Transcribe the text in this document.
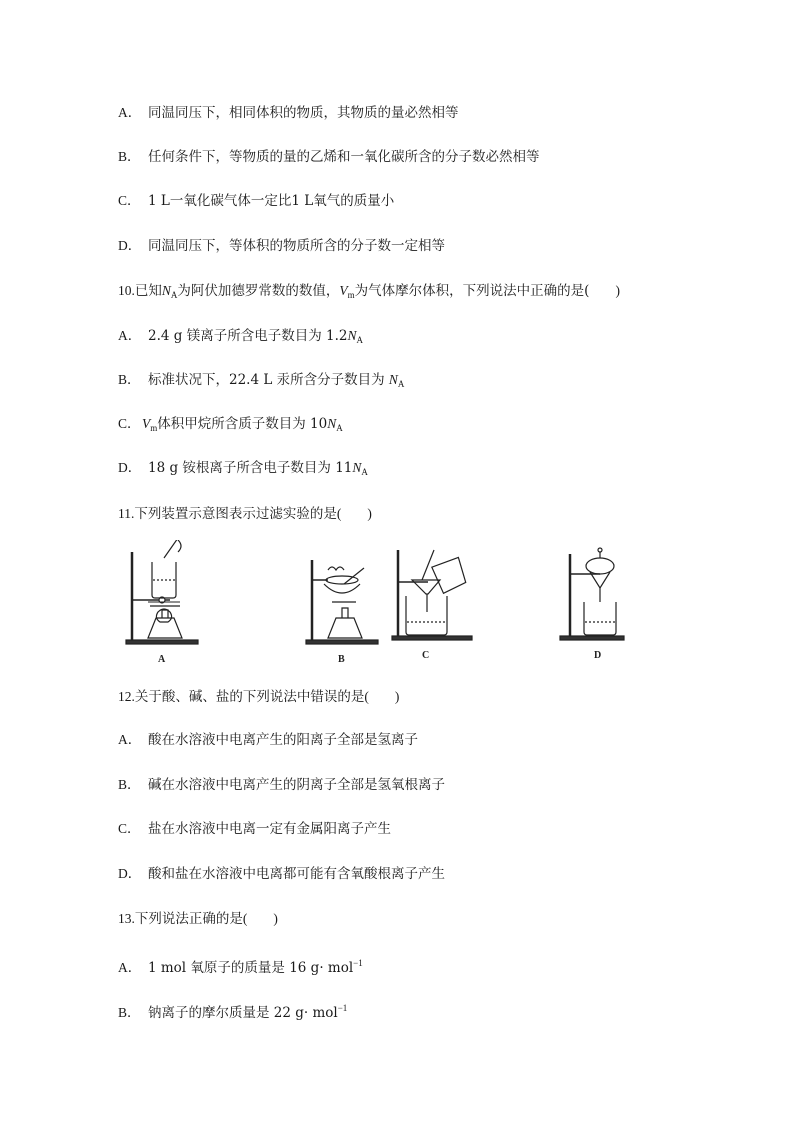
A． 同温同压下，相同体积的物质，其物质的量必然相等
B． 任何条件下，等物质的量的乙烯和一氧化碳所含的分子数必然相等
C． 1 L一氧化碳气体一定比1 L氧气的质量小
D． 同温同压下，等体积的物质所含的分子数一定相等
10.已知$N_A$为阿伏加德罗常数的数值，$V_m$为气体摩尔体积，下列说法中正确的是( )
A． 2.4 g 镁离子所含电子数目为 $1.2N_A$
B． 标准状况下，22.4 L 汞所含分子数目为 $N_A$
C．$V_m$体积甲烷所含质子数目为 $10N_A$
D． 18 g 铵根离子所含电子数目为 $11N_A$
11.下列装置示意图表示过滤实验的是( )
A	B	C	D
12.关于酸、碱、盐的下列说法中错误的是( )
A． 酸在水溶液中电离产生的阳离子全部是氢离子
B． 碱在水溶液中电离产生的阴离子全部是氢氧根离子
C． 盐在水溶液中电离一定有金属阳离子产生
D． 酸和盐在水溶液中电离都可能有含氧酸根离子产生
13.下列说法正确的是( )
A． 1 mol 氧原子的质量是 16 g· mol$^{-1}$
B． 钠离子的摩尔质量是 22 g· mol$^{-1}$
